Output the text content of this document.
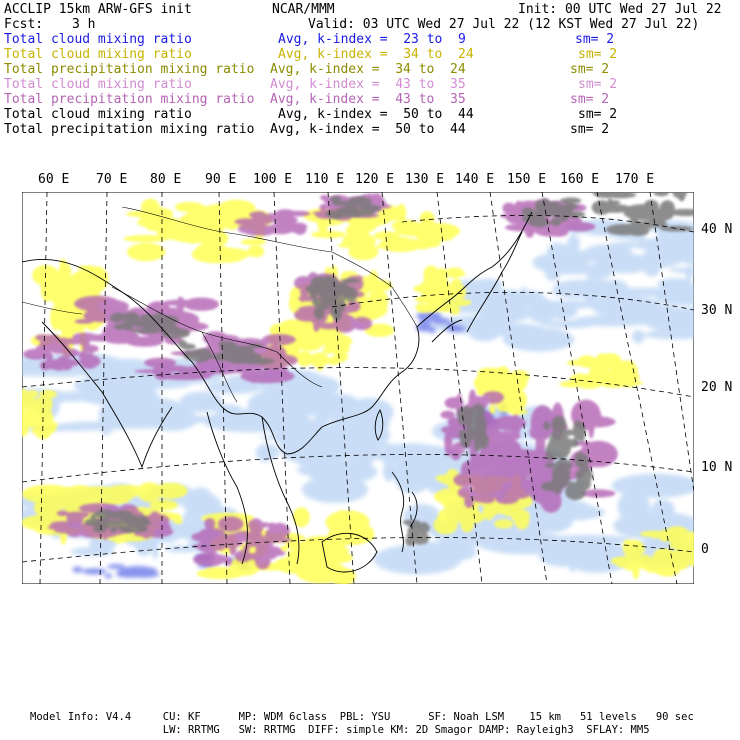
ACCLIP 15km ARW-GFS init	NCAR/MMM	Init: 00 UTC Wed 27 Jul 22
Fcst: 3 h	Valid: 03 UTC Wed 27 Jul 22 (12 KST Wed 27 Jul 22)
Total cloud mixing ratio	Avg, k-index =  23 to  9	sm= 2
Total cloud mixing ratio	Avg, k-index =  34 to  24	sm= 2
Total precipitation mixing ratio Avg, k-index =  34 to  24	sm= 2
Total cloud mixing ratio	Avg, k-index =  43 to  35	sm= 2
Total precipitation mixing ratio Avg, k-index =  43 to  35	sm= 2
Total cloud mixing ratio	Avg, k-index =  50 to  44	sm= 2
Total precipitation mixing ratio Avg, k-index =  50 to  44	sm= 2
60 E 70 E 80 E 90 E 100 E 110 E 120 E 130 E 140 E 150 E 160 E 170 E
40 N
30 N
20 N
10 N
0
Model Info: V4.4     CU: KF      MP: WDM 6class  PBL: YSU      SF: Noah LSM    15 km   51 levels   90 sec
LW: RRTMG   SW: RRTMG  DIFF: simple KM: 2D Smagor DAMP: Rayleigh3  SFLAY: MM5
